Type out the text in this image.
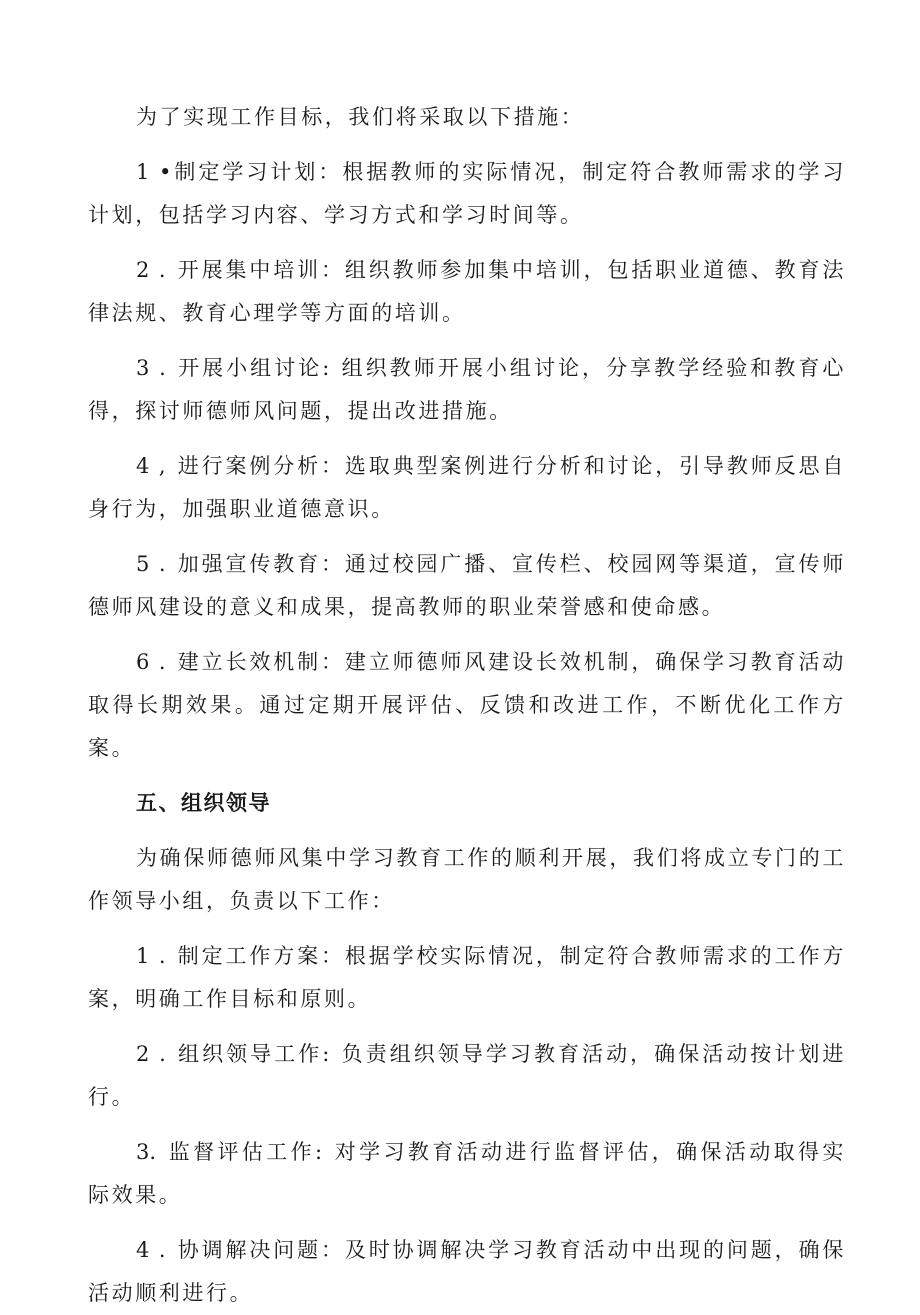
为了实现工作目标，我们将采取以下措施：

1 •制定学习计划：根据教师的实际情况，制定符合教师需求的学习计划，包括学习内容、学习方式和学习时间等。

2 . 开展集中培训：组织教师参加集中培训，包括职业道德、教育法律法规、教育心理学等方面的培训。

3 . 开展小组讨论: 组织教师开展小组讨论，分享教学经验和教育心得，探讨师德师风问题，提出改进措施。

4 , 进行案例分析：选取典型案例进行分析和讨论，引导教师反思自身行为，加强职业道德意识。

5 . 加强宣传教育：通过校园广播、宣传栏、校园网等渠道，宣传师德师风建设的意义和成果，提高教师的职业荣誉感和使命感。

6 . 建立长效机制：建立师德师风建设长效机制，确保学习教育活动取得长期效果。通过定期开展评估、反馈和改进工作，不断优化工作方案。

五、组织领导

为确保师德师风集中学习教育工作的顺利开展，我们将成立专门的工作领导小组，负责以下工作：

1 . 制定工作方案：根据学校实际情况，制定符合教师需求的工作方案，明确工作目标和原则。

2 . 组织领导工作: 负责组织领导学习教育活动，确保活动按计划进行。

3. 监督评估工作: 对学习教育活动进行监督评估，确保活动取得实际效果。

4 . 协调解决问题：及时协调解决学习教育活动中出现的问题，确保活动顺利进行。
